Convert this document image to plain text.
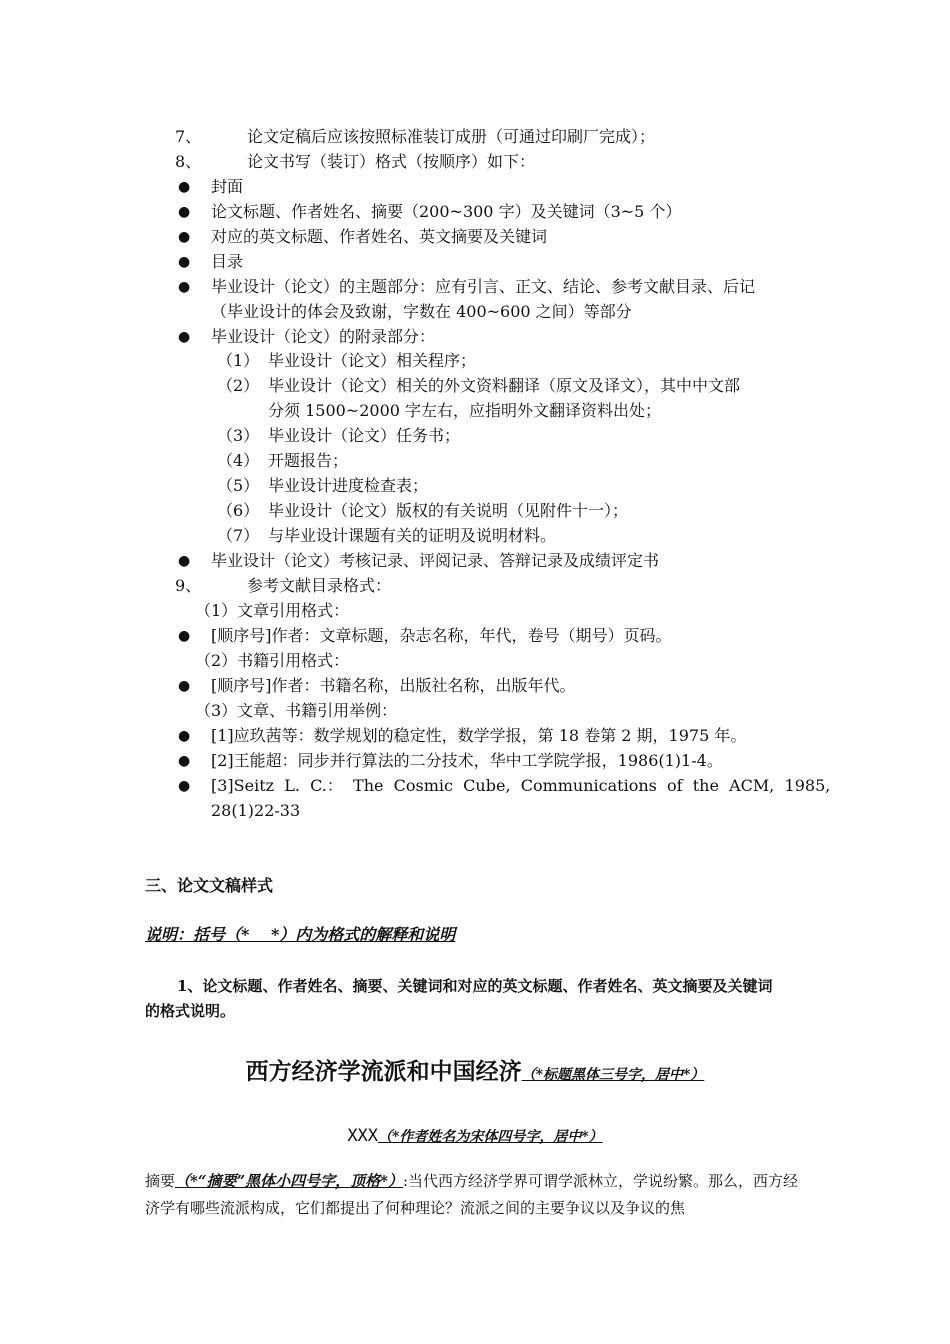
7、	论文定稿后应该按照标准装订成册（可通过印刷厂完成）；
8、	论文书写（装订）格式（按顺序）如下：
● 封面
● 论文标题、作者姓名、摘要（200~300 字）及关键词（3~5 个）
● 对应的英文标题、作者姓名、英文摘要及关键词
● 目录
● 毕业设计（论文）的主题部分：应有引言、正文、结论、参考文献目录、后记
（毕业设计的体会及致谢，字数在 400~600 之间）等部分
● 毕业设计（论文）的附录部分：
（1） 毕业设计（论文）相关程序；
（2） 毕业设计（论文）相关的外文资料翻译（原文及译文），其中中文部
分须 1500~2000 字左右，应指明外文翻译资料出处；
（3） 毕业设计（论文）任务书；
（4） 开题报告；
（5） 毕业设计进度检查表；
（6） 毕业设计（论文）版权的有关说明（见附件十一）；
（7） 与毕业设计课题有关的证明及说明材料。
● 毕业设计（论文）考核记录、评阅记录、答辩记录及成绩评定书
9、	参考文献目录格式：
（1）文章引用格式：
● [顺序号]作者：文章标题，杂志名称，年代，卷号（期号）页码。
（2）书籍引用格式：
● [顺序号]作者：书籍名称，出版社名称，出版年代。
（3）文章、书籍引用举例：
● [1]应玖茜等：数学规划的稳定性，数学学报，第 18 卷第 2 期，1975 年。
● [2]王能超：同步并行算法的二分技术，华中工学院学报，1986(1)1-4。
● [3]Seitz  L.  C.：  The  Cosmic  Cube,  Communications  of  the  ACM,  1985,
28(1)22-33
三、论文文稿样式
说明：括号（*　 *）内为格式的解释和说明
1、论文标题、作者姓名、摘要、关键词和对应的英文标题、作者姓名、英文摘要及关键词
的格式说明。
西方经济学流派和中国经济（*标题黑体三号字，居中*）
XXX（*作者姓名为宋体四号字，居中*）
摘要（*“摘要”黑体小四号字，顶格*）:当代西方经济学界可谓学派林立，学说纷繁。那么，西方经济学有哪些流派构成，它们都提出了何种理论？流派之间的主要争议以及争议的焦
